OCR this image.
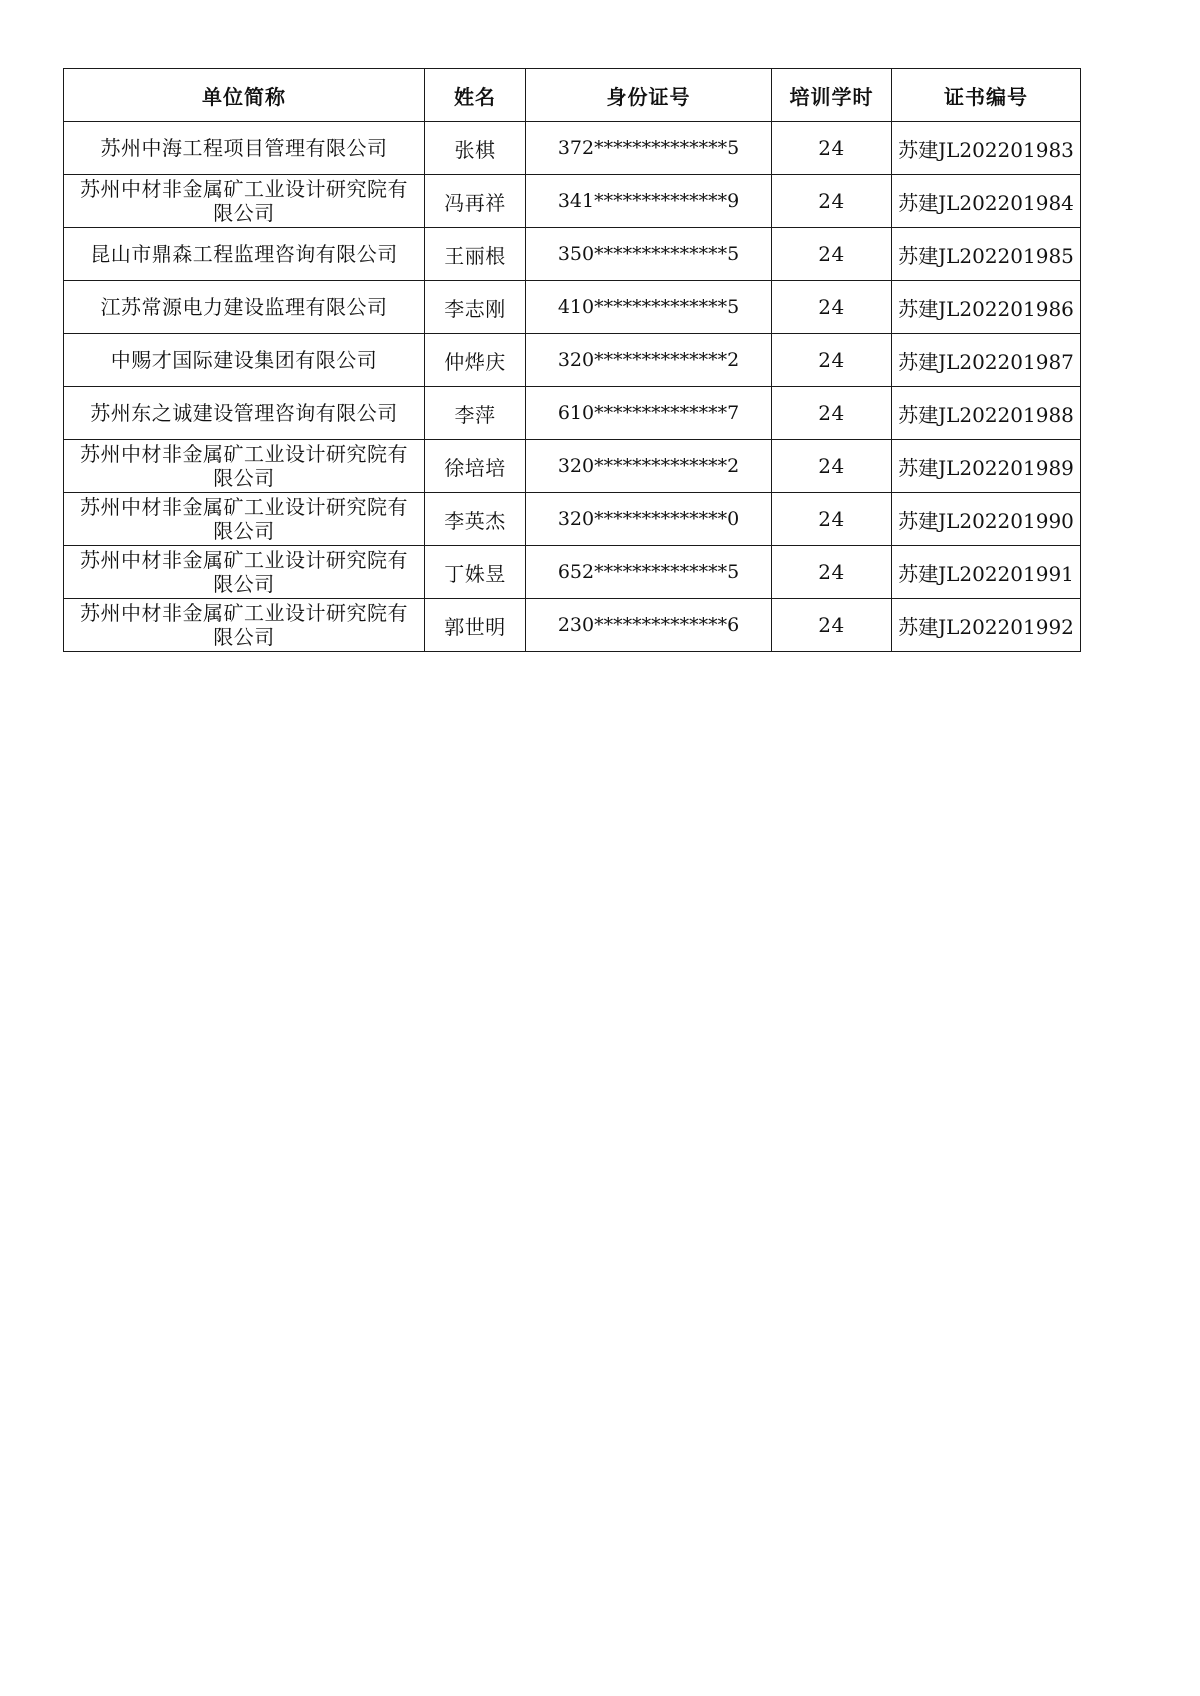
单位简称	姓名	身份证号	培训学时	证书编号
苏州中海工程项目管理有限公司	张棋	372**************5	24	苏建JL202201983
苏州中材非金属矿工业设计研究院有限公司	冯再祥	341**************9	24	苏建JL202201984
昆山市鼎森工程监理咨询有限公司	王丽根	350**************5	24	苏建JL202201985
江苏常源电力建设监理有限公司	李志刚	410**************5	24	苏建JL202201986
中赐才国际建设集团有限公司	仲烨庆	320**************2	24	苏建JL202201987
苏州东之诚建设管理咨询有限公司	李萍	610**************7	24	苏建JL202201988
苏州中材非金属矿工业设计研究院有限公司	徐培培	320**************2	24	苏建JL202201989
苏州中材非金属矿工业设计研究院有限公司	李英杰	320**************0	24	苏建JL202201990
苏州中材非金属矿工业设计研究院有限公司	丁姝昱	652**************5	24	苏建JL202201991
苏州中材非金属矿工业设计研究院有限公司	郭世明	230**************6	24	苏建JL202201992
